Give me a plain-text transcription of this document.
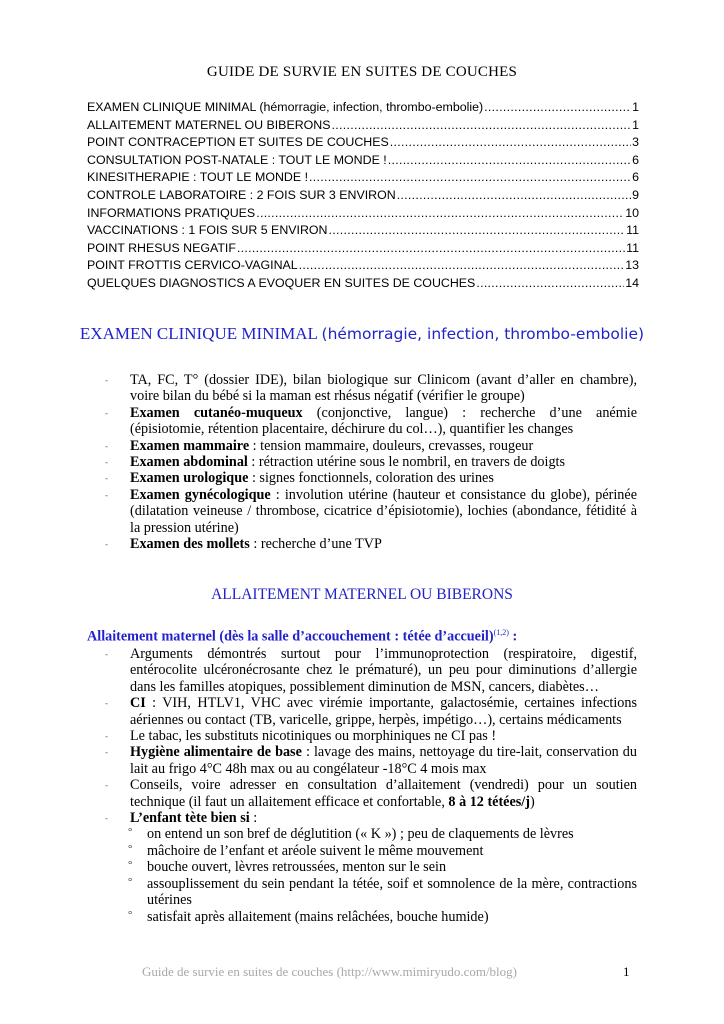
GUIDE DE SURVIE EN SUITES DE COUCHES
EXAMEN CLINIQUE MINIMAL (hémorragie, infection, thrombo-embolie) .....	1
ALLAITEMENT MATERNEL OU BIBERONS .....	1
POINT CONTRACEPTION ET SUITES DE COUCHES .....	3
CONSULTATION POST-NATALE : TOUT LE MONDE ! .....	6
KINESITHERAPIE : TOUT LE MONDE ! .....	6
CONTROLE LABORATOIRE : 2 FOIS SUR 3 ENVIRON .....	9
INFORMATIONS PRATIQUES .....	10
VACCINATIONS : 1 FOIS SUR 5 ENVIRON .....	11
POINT RHESUS NEGATIF .....	11
POINT FROTTIS CERVICO-VAGINAL .....	13
QUELQUES DIAGNOSTICS A EVOQUER EN SUITES DE COUCHES .....	14
EXAMEN CLINIQUE MINIMAL (hémorragie, infection, thrombo-embolie)
- TA, FC, T° (dossier IDE), bilan biologique sur Clinicom (avant d’aller en chambre), voire bilan du bébé si la maman est rhésus négatif (vérifier le groupe)
- Examen cutanéo-muqueux (conjonctive, langue) : recherche d’une anémie (épisiotomie, rétention placentaire, déchirure du col…), quantifier les changes
- Examen mammaire : tension mammaire, douleurs, crevasses, rougeur
- Examen abdominal : rétraction utérine sous le nombril, en travers de doigts
- Examen urologique : signes fonctionnels, coloration des urines
- Examen gynécologique : involution utérine (hauteur et consistance du globe), périnée (dilatation veineuse / thrombose, cicatrice d’épisiotomie), lochies (abondance, fétidité à la pression utérine)
- Examen des mollets : recherche d’une TVP
ALLAITEMENT MATERNEL OU BIBERONS
Allaitement maternel (dès la salle d’accouchement : tétée d’accueil)$^{(1,2)}$ :
- Arguments démontrés surtout pour l’immunoprotection (respiratoire, digestif, entérocolite ulcéronécrosante chez le prématuré), un peu pour diminutions d’allergie dans les familles atopiques, possiblement diminution de MSN, cancers, diabètes…
- CI : VIH, HTLV1, VHC avec virémie importante, galactosémie, certaines infections aériennes ou contact (TB, varicelle, grippe, herpès, impétigo…), certains médicaments
- Le tabac, les substituts nicotiniques ou morphiniques ne CI pas !
- Hygiène alimentaire de base : lavage des mains, nettoyage du tire-lait, conservation du lait au frigo 4°C 48h max ou au congélateur -18°C 4 mois max
- Conseils, voire adresser en consultation d’allaitement (vendredi) pour un soutien technique (il faut un allaitement efficace et confortable, 8 à 12 tétées/j)
- L’enfant tète bien si :
° on entend un son bref de déglutition (« K ») ; peu de claquements de lèvres
° mâchoire de l’enfant et aréole suivent le même mouvement
° bouche ouvert, lèvres retroussées, menton sur le sein
° assouplissement du sein pendant la tétée, soif et somnolence de la mère, contractions utérines
° satisfait après allaitement (mains relâchées, bouche humide)
Guide de survie en suites de couches (http://www.mimiryudo.com/blog)	1
